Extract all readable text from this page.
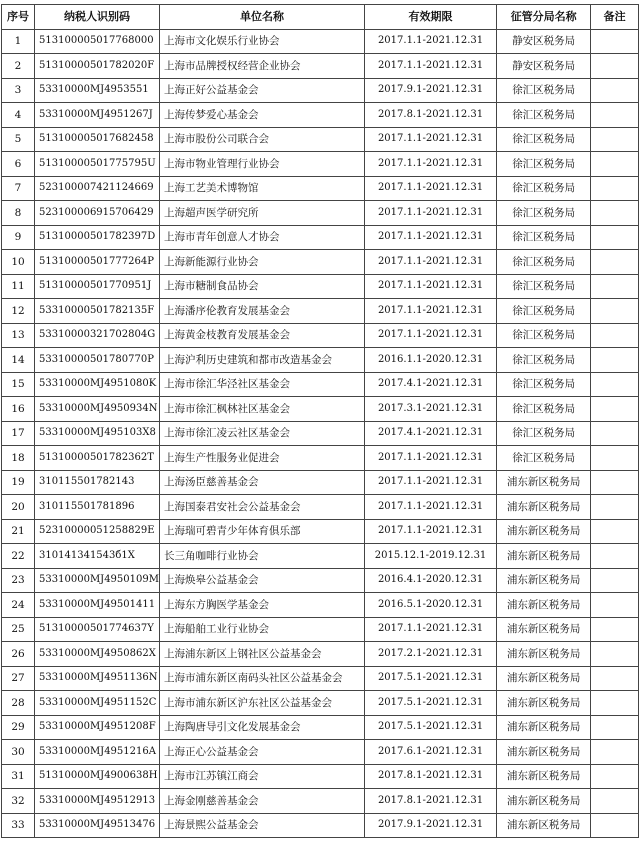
序号	纳税人识别码	单位名称	有效期限	征管分局名称	备注
1	513100005017768000	上海市文化娱乐行业协会	2017.1.1-2021.12.31	静安区税务局	
2	51310000501782020F	上海市品牌授权经营企业协会	2017.1.1-2021.12.31	静安区税务局	
3	53310000MJ4953551	上海正好公益基金会	2017.9.1-2021.12.31	徐汇区税务局	
4	53310000MJ4951267J	上海传梦爱心基金会	2017.8.1-2021.12.31	徐汇区税务局	
5	513100005017682458	上海市股份公司联合会	2017.1.1-2021.12.31	徐汇区税务局	
6	51310000501775795U	上海市物业管理行业协会	2017.1.1-2021.12.31	徐汇区税务局	
7	523100007421124669	上海工艺美术博物馆	2017.1.1-2021.12.31	徐汇区税务局	
8	523100006915706429	上海超声医学研究所	2017.1.1-2021.12.31	徐汇区税务局	
9	51310000501782397D	上海市青年创意人才协会	2017.1.1-2021.12.31	徐汇区税务局	
10	51310000501777264P	上海新能源行业协会	2017.1.1-2021.12.31	徐汇区税务局	
11	51310000501770951J	上海市糖制食品协会	2017.1.1-2021.12.31	徐汇区税务局	
12	53310000501782135F	上海潘序伦教育发展基金会	2017.1.1-2021.12.31	徐汇区税务局	
13	53310000321702804G	上海黄金枝教育发展基金会	2017.1.1-2021.12.31	徐汇区税务局	
14	53310000501780770P	上海沪利历史建筑和都市改造基金会	2016.1.1-2020.12.31	徐汇区税务局	
15	53310000MJ4951080K	上海市徐汇华泾社区基金会	2017.4.1-2021.12.31	徐汇区税务局	
16	53310000MJ4950934N	上海市徐汇枫林社区基金会	2017.3.1-2021.12.31	徐汇区税务局	
17	53310000MJ495103X8	上海市徐汇凌云社区基金会	2017.4.1-2021.12.31	徐汇区税务局	
18	51310000501782362T	上海生产性服务业促进会	2017.1.1-2021.12.31	徐汇区税务局	
19	310115501782143	上海汤臣慈善基金会	2017.1.1-2021.12.31	浦东新区税务局	
20	310115501781896	上海国泰君安社会公益基金会	2017.1.1-2021.12.31	浦东新区税务局	
21	52310000051258829E	上海瑞可碧青少年体育俱乐部	2017.1.1-2021.12.31	浦东新区税务局	
22	310141341543б1X	长三角咖啡行业协会	2015.12.1-2019.12.31	浦东新区税务局	
23	53310000MJ4950109M	上海焕皋公益基金会	2016.4.1-2020.12.31	浦东新区税务局	
24	53310000MJ49501411	上海东方胸医学基金会	2016.5.1-2020.12.31	浦东新区税务局	
25	51310000501774637Y	上海船舶工业行业协会	2017.1.1-2021.12.31	浦东新区税务局	
26	53310000MJ4950862X	上海浦东新区上钢社区公益基金会	2017.2.1-2021.12.31	浦东新区税务局	
27	53310000MJ4951136N	上海市浦东新区南码头社区公益基金会	2017.5.1-2021.12.31	浦东新区税务局	
28	53310000MJ4951152C	上海市浦东新区沪东社区公益基金会	2017.5.1-2021.12.31	浦东新区税务局	
29	53310000MJ4951208F	上海陶唐导引文化发展基金会	2017.5.1-2021.12.31	浦东新区税务局	
30	53310000MJ4951216A	上海正心公益基金会	2017.6.1-2021.12.31	浦东新区税务局	
31	51310000MJ4900638H	上海市江苏镇江商会	2017.8.1-2021.12.31	浦东新区税务局	
32	53310000MJ49512913	上海金刚慈善基金会	2017.8.1-2021.12.31	浦东新区税务局	
33	53310000MJ49513476	上海景熙公益基金会	2017.9.1-2021.12.31	浦东新区税务局	
